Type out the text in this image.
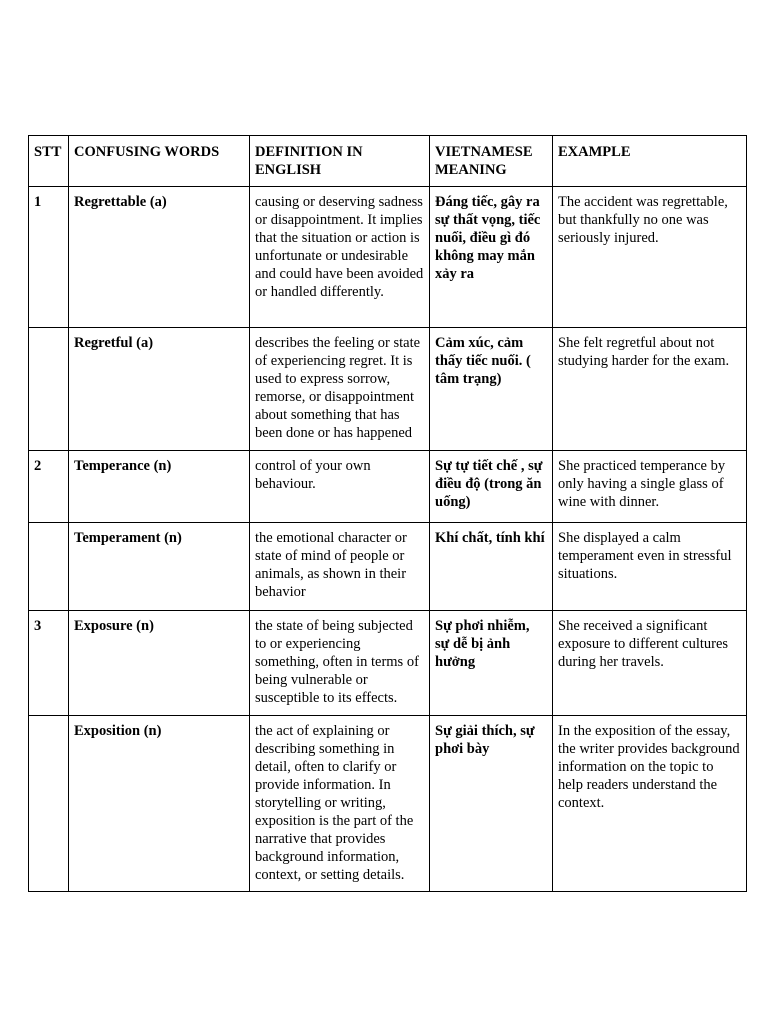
STT	CONFUSING WORDS	DEFINITION IN ENGLISH	VIETNAMESE MEANING	EXAMPLE
1	Regrettable (a)	causing or deserving sadness or disappointment. It implies that the situation or action is unfortunate or undesirable and could have been avoided or handled differently.	Đáng tiếc, gây ra sự thất vọng, tiếc nuối, điều gì đó không may mắn xảy ra	The accident was regrettable, but thankfully no one was seriously injured.
	Regretful (a)	describes the feeling or state of experiencing regret. It is used to express sorrow, remorse, or disappointment about something that has been done or has happened	Cảm xúc, cảm thấy tiếc nuối. ( tâm trạng)	She felt regretful about not studying harder for the exam.
2	Temperance (n)	control of your own behaviour.	Sự tự tiết chế , sự điều độ (trong ăn uống)	She practiced temperance by only having a single glass of wine with dinner.
	Temperament (n)	the emotional character or state of mind of people or animals, as shown in their behavior	Khí chất, tính khí	She displayed a calm temperament even in stressful situations.
3	Exposure (n)	the state of being subjected to or experiencing something, often in terms of being vulnerable or susceptible to its effects.	Sự phơi nhiễm, sự dễ bị ảnh hưởng	She received a significant exposure to different cultures during her travels.
	Exposition (n)	the act of explaining or describing something in detail, often to clarify or provide information. In storytelling or writing, exposition is the part of the narrative that provides background information, context, or setting details.	Sự giải thích, sự phơi bày	In the exposition of the essay, the writer provides background information on the topic to help readers understand the context.
